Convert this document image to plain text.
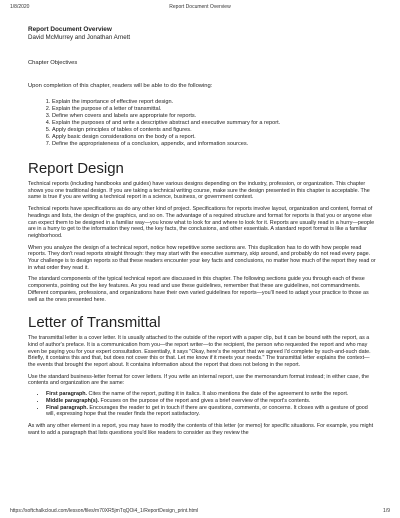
1/8/2020	Report Document Overview
Report Document Overview
David McMurrey and Jonathan Arnett
Chapter Objectives
Upon completion of this chapter, readers will be able to do the following:
1. Explain the importance of effective report design.
2. Explain the purpose of a letter of transmittal.
3. Define when covers and labels are appropriate for reports.
4. Explain the purposes of and write a descriptive abstract and executive summary for a report.
5. Apply design principles of tables of contents and figures.
6. Apply basic design considerations on the body of a report.
7. Define the appropriateness of a conclusion, appendix, and information sources.
Report Design

Technical reports (including handbooks and guides) have various designs depending on the industry, profession, or organization. This chapter shows you one traditional design. If you are taking a technical writing course, make sure the design presented in this chapter is acceptable. The same is true if you are writing a technical report in a science, business, or government context.

Technical reports have specifications as do any other kind of project. Specifications for reports involve layout, organization and content, format of headings and lists, the design of the graphics, and so on. The advantage of a required structure and format for reports is that you or anyone else can expect them to be designed in a familiar way—you know what to look for and where to look for it. Reports are usually read in a hurry—people are in a hurry to get to the information they need, the key facts, the conclusions, and other essentials. A standard report format is like a familiar neighborhood.

When you analyze the design of a technical report, notice how repetitive some sections are. This duplication has to do with how people read reports. They don't read reports straight through: they may start with the executive summary, skip around, and probably do not read every page. Your challenge is to design reports so that these readers encounter your key facts and conclusions, no matter how much of the report they read or in what order they read it.

The standard components of the typical technical report are discussed in this chapter. The following sections guide you through each of these components, pointing out the key features. As you read and use these guidelines, remember that these are guidelines, not commandments. Different companies, professions, and organizations have their own varied guidelines for reports—you'll need to adapt your practice to those as well as the ones presented here.

Letter of Transmittal

The transmittal letter is a cover letter. It is usually attached to the outside of the report with a paper clip, but it can be bound with the report, as a kind of author's preface. It is a communication from you—the report writer—to the recipient, the person who requested the report and who may even be paying you for your expert consultation. Essentially, it says "Okay, here's the report that we agreed I'd complete by such-and-such date. Briefly, it contains this and that, but does not cover this or that. Let me know if it meets your needs." The transmittal letter explains the context—the events that brought the report about. It contains information about the report that does not belong in the report.

Use the standard business-letter format for cover letters. If you write an internal report, use the memorandum format instead; in either case, the contents and organization are the same:

• First paragraph. Cites the name of the report, putting it in italics. It also mentions the date of the agreement to write the report.
• Middle paragraph(s). Focuses on the purpose of the report and gives a brief overview of the report's contents.
• Final paragraph. Encourages the reader to get in touch if there are questions, comments, or concerns. It closes with a gesture of good will, expressing hope that the reader finds the report satisfactory.

As with any other element in a report, you may have to modify the contents of this letter (or memo) for specific situations. For example, you might want to add a paragraph that lists questions you'd like readers to consider as they review the

https://softchalkcloud.com/lesson/files/m70XR5jmTqQOi4_1/ReportDesign_print.html	1/9
